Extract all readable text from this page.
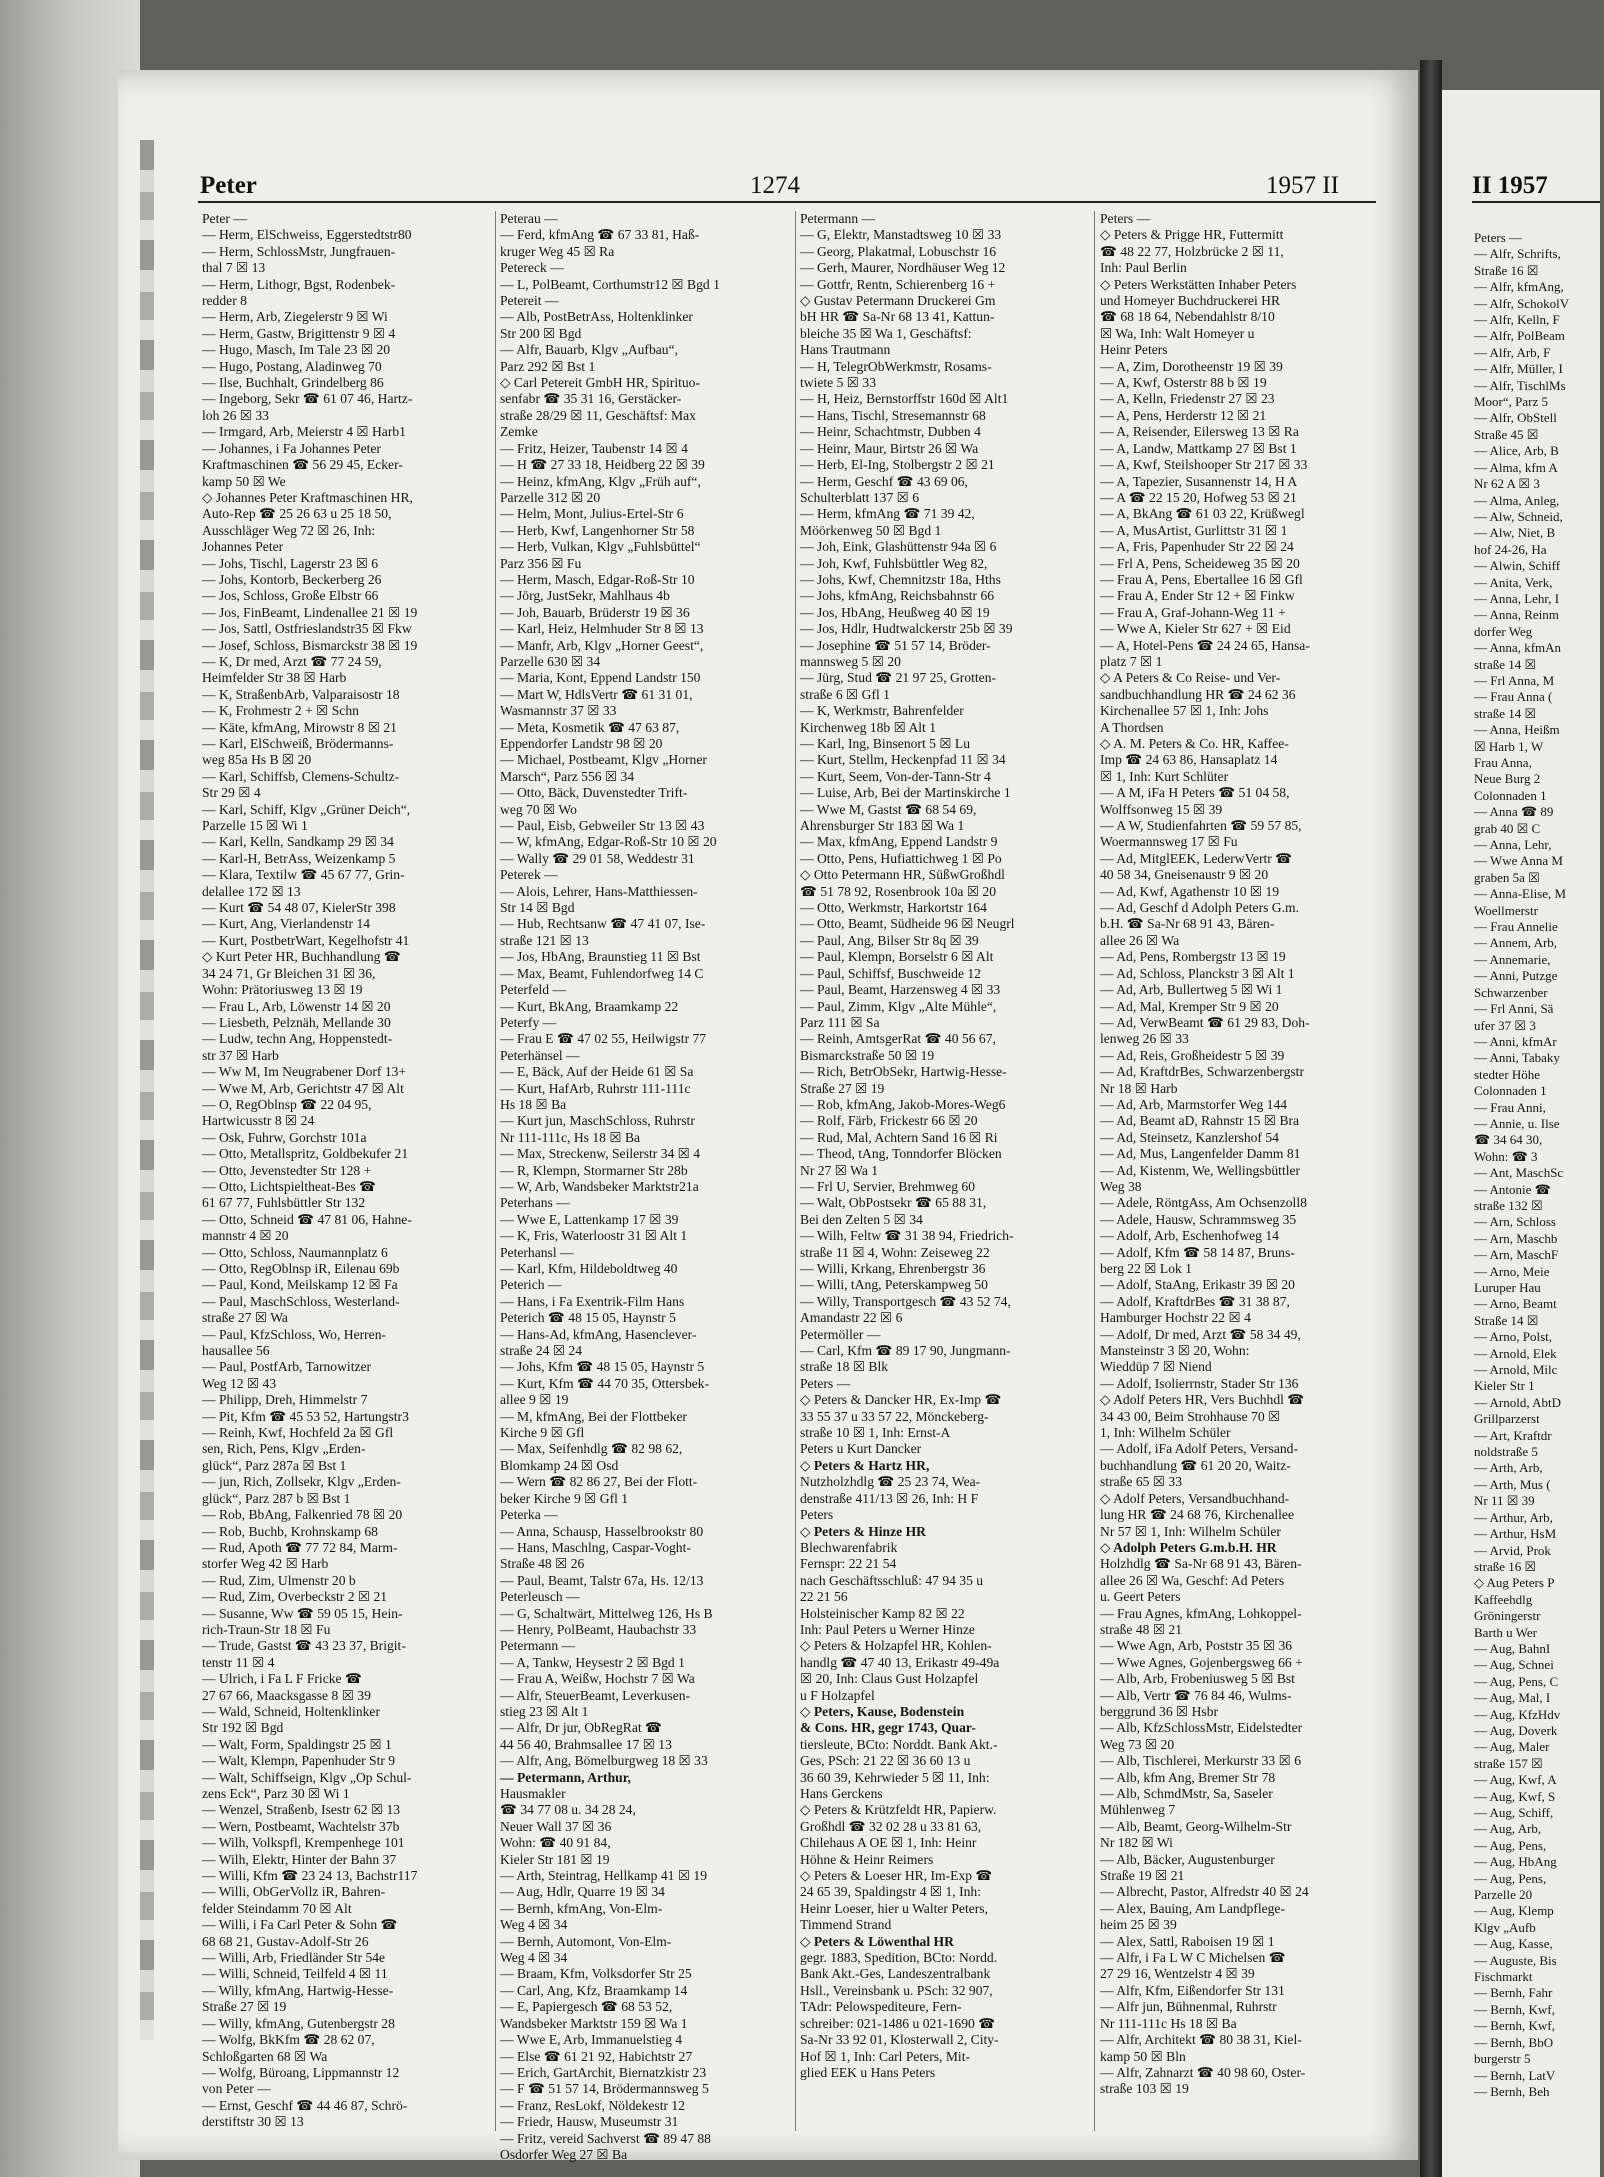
Peter	1274	1957 II
Peter —
— Herm, ElSchweiss, Eggerstedtstr80
— Herm, SchlossMstr, Jungfrauen-
thal 7 ☒ 13
— Herm, Lithogr, Bgst, Rodenbek-
redder 8
— Herm, Arb, Ziegelerstr 9 ☒ Wi
— Herm, Gastw, Brigittenstr 9 ☒ 4
— Hugo, Masch, Im Tale 23 ☒ 20
— Hugo, Postang, Aladinweg 70
— Ilse, Buchhalt, Grindelberg 86
— Ingeborg, Sekr ☎ 61 07 46, Hartz-
loh 26 ☒ 33
— Irmgard, Arb, Meierstr 4 ☒ Harb1
— Johannes, i Fa Johannes Peter
Kraftmaschinen ☎ 56 29 45, Ecker-
kamp 50 ☒ We
◇ Johannes Peter Kraftmaschinen HR,
Auto-Rep ☎ 25 26 63 u 25 18 50,
Ausschläger Weg 72 ☒ 26, Inh:
Johannes Peter
— Johs, Tischl, Lagerstr 23 ☒ 6
— Johs, Kontorb, Beckerberg 26
— Jos, Schloss, Große Elbstr 66
— Jos, FinBeamt, Lindenallee 21 ☒ 19
— Jos, Sattl, Ostfrieslandstr35 ☒ Fkw
— Josef, Schloss, Bismarckstr 38 ☒ 19
— K, Dr med, Arzt ☎ 77 24 59,
Heimfelder Str 38 ☒ Harb
— K, StraßenbArb, Valparaisostr 18
— K, Frohmestr 2 + ☒ Schn
— Käte, kfmAng, Mirowstr 8 ☒ 21
— Karl, ElSchweiß, Brödermanns-
weg 85a Hs B ☒ 20
— Karl, Schiffsb, Clemens-Schultz-
Str 29 ☒ 4
— Karl, Schiff, Klgv „Grüner Deich“,
Parzelle 15 ☒ Wi 1
— Karl, Kelln, Sandkamp 29 ☒ 34
— Karl-H, BetrAss, Weizenkamp 5
— Klara, Textilw ☎ 45 67 77, Grin-
delallee 172 ☒ 13
— Kurt ☎ 54 48 07, KielerStr 398
— Kurt, Ang, Vierlandenstr 14
— Kurt, PostbetrWart, Kegelhofstr 41
◇ Kurt Peter HR, Buchhandlung ☎
34 24 71, Gr Bleichen 31 ☒ 36,
Wohn: Prätoriusweg 13 ☒ 19
— Frau L, Arb, Löwenstr 14 ☒ 20
— Liesbeth, Pelznäh, Mellande 30
— Ludw, techn Ang, Hoppenstedt-
str 37 ☒ Harb
— Ww M, Im Neugrabener Dorf 13+
— Wwe M, Arb, Gerichtstr 47 ☒ Alt
— O, RegOblnsp ☎ 22 04 95,
Hartwicusstr 8 ☒ 24
— Osk, Fuhrw, Gorchstr 101a
— Otto, Metallspritz, Goldbekufer 21
— Otto, Jevenstedter Str 128 +
— Otto, Lichtspieltheat-Bes ☎
61 67 77, Fuhlsbüttler Str 132
— Otto, Schneid ☎ 47 81 06, Hahne-
mannstr 4 ☒ 20
— Otto, Schloss, Naumannplatz 6
— Otto, RegOblnsp iR, Eilenau 69b
— Paul, Kond, Meilskamp 12 ☒ Fa
— Paul, MaschSchloss, Westerland-
straße 27 ☒ Wa
— Paul, KfzSchloss, Wo, Herren-
hausallee 56
— Paul, PostfArb, Tarnowitzer
Weg 12 ☒ 43
— Philipp, Dreh, Himmelstr 7
— Pit, Kfm ☎ 45 53 52, Hartungstr3
— Reinh, Kwf, Hochfeld 2a ☒ Gfl
sen, Rich, Pens, Klgv „Erden-
glück“, Parz 287a ☒ Bst 1
— jun, Rich, Zollsekr, Klgv „Erden-
glück“, Parz 287 b ☒ Bst 1
— Rob, BbAng, Falkenried 78 ☒ 20
— Rob, Buchb, Krohnskamp 68
— Rud, Apoth ☎ 77 72 84, Marm-
storfer Weg 42 ☒ Harb
— Rud, Zim, Ulmenstr 20 b
— Rud, Zim, Overbeckstr 2 ☒ 21
— Susanne, Ww ☎ 59 05 15, Hein-
rich-Traun-Str 18 ☒ Fu
— Trude, Gastst ☎ 43 23 37, Brigit-
tenstr 11 ☒ 4
— Ulrich, i Fa L F Fricke ☎
27 67 66, Maacksgasse 8 ☒ 39
— Wald, Schneid, Holtenklinker
Str 192 ☒ Bgd
— Walt, Form, Spaldingstr 25 ☒ 1
— Walt, Klempn, Papenhuder Str 9
— Walt, Schiffseign, Klgv „Op Schul-
zens Eck“, Parz 30 ☒ Wi 1
— Wenzel, Straßenb, Isestr 62 ☒ 13
— Wern, Postbeamt, Wachtelstr 37b
— Wilh, Volkspfl, Krempenhege 101
— Wilh, Elektr, Hinter der Bahn 37
— Willi, Kfm ☎ 23 24 13, Bachstr117
— Willi, ObGerVollz iR, Bahren-
felder Steindamm 70 ☒ Alt
— Willi, i Fa Carl Peter & Sohn ☎
68 68 21, Gustav-Adolf-Str 26
— Willi, Arb, Friedländer Str 54e
— Willi, Schneid, Teilfeld 4 ☒ 11
— Willy, kfmAng, Hartwig-Hesse-
Straße 27 ☒ 19
— Willy, kfmAng, Gutenbergstr 28
— Wolfg, BkKfm ☎ 28 62 07,
Schloßgarten 68 ☒ Wa
— Wolfg, Büroang, Lippmannstr 12
von Peter —
— Ernst, Geschf ☎ 44 46 87, Schrö-
derstiftstr 30 ☒ 13
Peterau —
— Ferd, kfmAng ☎ 67 33 81, Haß-
kruger Weg 45 ☒ Ra
Petereck —
— L, PolBeamt, Corthumstr12 ☒ Bgd 1
Petereit —
— Alb, PostBetrAss, Holtenklinker
Str 200 ☒ Bgd
— Alfr, Bauarb, Klgv „Aufbau“,
Parz 292 ☒ Bst 1
◇ Carl Petereit GmbH HR, Spirituo-
senfabr ☎ 35 31 16, Gerstäcker-
straße 28/29 ☒ 11, Geschäftsf: Max
Zemke
— Fritz, Heizer, Taubenstr 14 ☒ 4
— H ☎ 27 33 18, Heidberg 22 ☒ 39
— Heinz, kfmAng, Klgv „Früh auf“,
Parzelle 312 ☒ 20
— Helm, Mont, Julius-Ertel-Str 6
— Herb, Kwf, Langenhorner Str 58
— Herb, Vulkan, Klgv „Fuhlsbüttel“
Parz 356 ☒ Fu
— Herm, Masch, Edgar-Roß-Str 10
— Jörg, JustSekr, Mahlhaus 4b
— Joh, Bauarb, Brüderstr 19 ☒ 36
— Karl, Heiz, Helmhuder Str 8 ☒ 13
— Manfr, Arb, Klgv „Horner Geest“,
Parzelle 630 ☒ 34
— Maria, Kont, Eppend Landstr 150
— Mart W, HdlsVertr ☎ 61 31 01,
Wasmannstr 37 ☒ 33
— Meta, Kosmetik ☎ 47 63 87,
Eppendorfer Landstr 98 ☒ 20
— Michael, Postbeamt, Klgv „Horner
Marsch“, Parz 556 ☒ 34
— Otto, Bäck, Duvenstedter Trift-
weg 70 ☒ Wo
— Paul, Eisb, Gebweiler Str 13 ☒ 43
— W, kfmAng, Edgar-Roß-Str 10 ☒ 20
— Wally ☎ 29 01 58, Weddestr 31
Peterek —
— Alois, Lehrer, Hans-Matthiessen-
Str 14 ☒ Bgd
— Hub, Rechtsanw ☎ 47 41 07, Ise-
straße 121 ☒ 13
— Jos, HbAng, Braunstieg 11 ☒ Bst
— Max, Beamt, Fuhlendorfweg 14 C
Peterfeld —
— Kurt, BkAng, Braamkamp 22
Peterfy —
— Frau E ☎ 47 02 55, Heilwigstr 77
Peterhänsel —
— E, Bäck, Auf der Heide 61 ☒ Sa
— Kurt, HafArb, Ruhrstr 111-111c
Hs 18 ☒ Ba
— Kurt jun, MaschSchloss, Ruhrstr
Nr 111-111c, Hs 18 ☒ Ba
— Max, Streckenw, Seilerstr 34 ☒ 4
— R, Klempn, Stormarner Str 28b
— W, Arb, Wandsbeker Marktstr21a
Peterhans —
— Wwe E, Lattenkamp 17 ☒ 39
— K, Fris, Waterloostr 31 ☒ Alt 1
Peterhansl —
— Karl, Kfm, Hildeboldtweg 40
Peterich —
— Hans, i Fa Exentrik-Film Hans
Peterich ☎ 48 15 05, Haynstr 5
— Hans-Ad, kfmAng, Hasenclever-
straße 24 ☒ 24
— Johs, Kfm ☎ 48 15 05, Haynstr 5
— Kurt, Kfm ☎ 44 70 35, Ottersbek-
allee 9 ☒ 19
— M, kfmAng, Bei der Flottbeker
Kirche 9 ☒ Gfl
— Max, Seifenhdlg ☎ 82 98 62,
Blomkamp 24 ☒ Osd
— Wern ☎ 82 86 27, Bei der Flott-
beker Kirche 9 ☒ Gfl 1
Peterka —
— Anna, Schausp, Hasselbrookstr 80
— Hans, Maschlng, Caspar-Voght-
Straße 48 ☒ 26
— Paul, Beamt, Talstr 67a, Hs. 12/13
Peterleusch —
— G, Schaltwärt, Mittelweg 126, Hs B
— Henry, PolBeamt, Haubachstr 33
Petermann —
— A, Tankw, Heysestr 2 ☒ Bgd 1
— Frau A, Weißw, Hochstr 7 ☒ Wa
— Alfr, SteuerBeamt, Leverkusen-
stieg 23 ☒ Alt 1
— Alfr, Dr jur, ObRegRat ☎
44 56 40, Brahmsallee 17 ☒ 13
— Alfr, Ang, Bömelburgweg 18 ☒ 33
— Petermann, Arthur,
Hausmakler
☎ 34 77 08 u. 34 28 24,
Neuer Wall 37 ☒ 36
Wohn: ☎ 40 91 84,
Kieler Str 181 ☒ 19
— Arth, Steintrag, Hellkamp 41 ☒ 19
— Aug, Hdlr, Quarre 19 ☒ 34
— Bernh, kfmAng, Von-Elm-
Weg 4 ☒ 34
— Bernh, Automont, Von-Elm-
Weg 4 ☒ 34
— Braam, Kfm, Volksdorfer Str 25
— Carl, Ang, Kfz, Braamkamp 14
— E, Papiergesch ☎ 68 53 52,
Wandsbeker Marktstr 159 ☒ Wa 1
— Wwe E, Arb, Immanuelstieg 4
— Else ☎ 61 21 92, Habichtstr 27
— Erich, GartArchit, Biernatzkistr 23
— F ☎ 51 57 14, Brödermannsweg 5
— Franz, ResLokf, Nöldekestr 12
— Friedr, Hausw, Museumstr 31
— Fritz, vereid Sachverst ☎ 89 47 88
Osdorfer Weg 27 ☒ Ba
Petermann —
— G, Elektr, Manstadtsweg 10 ☒ 33
— Georg, Plakatmal, Lobuschstr 16
— Gerh, Maurer, Nordhäuser Weg 12
— Gottfr, Rentn, Schierenberg 16 +
◇ Gustav Petermann Druckerei Gm
bH HR ☎ Sa-Nr 68 13 41, Kattun-
bleiche 35 ☒ Wa 1, Geschäftsf:
Hans Trautmann
— H, TelegrObWerkmstr, Rosams-
twiete 5 ☒ 33
— H, Heiz, Bernstorffstr 160d ☒ Alt1
— Hans, Tischl, Stresemannstr 68
— Heinr, Schachtmstr, Dubben 4
— Heinr, Maur, Birtstr 26 ☒ Wa
— Herb, El-Ing, Stolbergstr 2 ☒ 21
— Herm, Geschf ☎ 43 69 06,
Schulterblatt 137 ☒ 6
— Herm, kfmAng ☎ 71 39 42,
Möörkenweg 50 ☒ Bgd 1
— Joh, Eink, Glashüttenstr 94a ☒ 6
— Joh, Kwf, Fuhlsbüttler Weg 82,
— Johs, Kwf, Chemnitzstr 18a, Hths
— Johs, kfmAng, Reichsbahnstr 66
— Jos, HbAng, Heußweg 40 ☒ 19
— Jos, Hdlr, Hudtwalckerstr 25b ☒ 39
— Josephine ☎ 51 57 14, Bröder-
mannsweg 5 ☒ 20
— Jürg, Stud ☎ 21 97 25, Grotten-
straße 6 ☒ Gfl 1
— K, Werkmstr, Bahrenfelder
Kirchenweg 18b ☒ Alt 1
— Karl, Ing, Binsenort 5 ☒ Lu
— Kurt, Stellm, Heckenpfad 11 ☒ 34
— Kurt, Seem, Von-der-Tann-Str 4
— Luise, Arb, Bei der Martinskirche 1
— Wwe M, Gastst ☎ 68 54 69,
Ahrensburger Str 183 ☒ Wa 1
— Max, kfmAng, Eppend Landstr 9
— Otto, Pens, Hufiattichweg 1 ☒ Po
◇ Otto Petermann HR, SüßwGroßhdl
☎ 51 78 92, Rosenbrook 10a ☒ 20
— Otto, Werkmstr, Harkortstr 164
— Otto, Beamt, Südheide 96 ☒ Neugrl
— Paul, Ang, Bilser Str 8q ☒ 39
— Paul, Klempn, Borselstr 6 ☒ Alt
— Paul, Schiffsf, Buschweide 12
— Paul, Beamt, Harzensweg 4 ☒ 33
— Paul, Zimm, Klgv „Alte Mühle“,
Parz 111 ☒ Sa
— Reinh, AmtsgerRat ☎ 40 56 67,
Bismarckstraße 50 ☒ 19
— Rich, BetrObSekr, Hartwig-Hesse-
Straße 27 ☒ 19
— Rob, kfmAng, Jakob-Mores-Weg6
— Rolf, Färb, Frickestr 66 ☒ 20
— Rud, Mal, Achtern Sand 16 ☒ Ri
— Theod, tAng, Tonndorfer Blöcken
Nr 27 ☒ Wa 1
— Frl U, Servier, Brehmweg 60
— Walt, ObPostsekr ☎ 65 88 31,
Bei den Zelten 5 ☒ 34
— Wilh, Feltw ☎ 31 38 94, Friedrich-
straße 11 ☒ 4, Wohn: Zeiseweg 22
— Willi, Krkang, Ehrenbergstr 36
— Willi, tAng, Peterskampweg 50
— Willy, Transportgesch ☎ 43 52 74,
Amandastr 22 ☒ 6
Petermöller —
— Carl, Kfm ☎ 89 17 90, Jungmann-
straße 18 ☒ Blk
Peters —
◇ Peters & Dancker HR, Ex-Imp ☎
33 55 37 u 33 57 22, Mönckeberg-
straße 10 ☒ 1, Inh: Ernst-A
Peters u Kurt Dancker
◇ Peters & Hartz HR,
Nutzholzhdlg ☎ 25 23 74, Wea-
denstraße 411/13 ☒ 26, Inh: H F
Peters
◇ Peters & Hinze HR
Blechwarenfabrik
Fernspr: 22 21 54
nach Geschäftsschluß: 47 94 35 u
22 21 56
Holsteinischer Kamp 82 ☒ 22
Inh: Paul Peters u Werner Hinze
◇ Peters & Holzapfel HR, Kohlen-
handlg ☎ 47 40 13, Erikastr 49-49a
☒ 20, Inh: Claus Gust Holzapfel
u F Holzapfel
◇ Peters, Kause, Bodenstein
& Cons. HR, gegr 1743, Quar-
tiersleute, BCto: Norddt. Bank Akt.-
Ges, PSch: 21 22 ☒ 36 60 13 u
36 60 39, Kehrwieder 5 ☒ 11, Inh:
Hans Gerckens
◇ Peters & Krützfeldt HR, Papierw.
Großhdl ☎ 32 02 28 u 33 81 63,
Chilehaus A OE ☒ 1, Inh: Heinr
Höhne & Heinr Reimers
◇ Peters & Loeser HR, Im-Exp ☎
24 65 39, Spaldingstr 4 ☒ 1, Inh:
Heinr Loeser, hier u Walter Peters,
Timmend Strand
◇ Peters & Löwenthal HR
gegr. 1883, Spedition, BCto: Nordd.
Bank Akt.-Ges, Landeszentralbank
Hsll., Vereinsbank u. PSch: 32 907,
TAdr: Pelowspediteure, Fern-
schreiber: 021-1486 u 021-1690 ☎
Sa-Nr 33 92 01, Klosterwall 2, City-
Hof ☒ 1, Inh: Carl Peters, Mit-
glied EEK u Hans Peters
Peters —
◇ Peters & Prigge HR, Futtermitt
☎ 48 22 77, Holzbrücke 2 ☒ 11,
Inh: Paul Berlin
◇ Peters Werkstätten Inhaber Peters
und Homeyer Buchdruckerei HR
☎ 68 18 64, Nebendahlstr 8/10
☒ Wa, Inh: Walt Homeyer u
Heinr Peters
— A, Zim, Dorotheenstr 19 ☒ 39
— A, Kwf, Osterstr 88 b ☒ 19
— A, Kelln, Friedenstr 27 ☒ 23
— A, Pens, Herderstr 12 ☒ 21
— A, Reisender, Eilersweg 13 ☒ Ra
— A, Landw, Mattkamp 27 ☒ Bst 1
— A, Kwf, Steilshooper Str 217 ☒ 33
— A, Tapezier, Susannenstr 14, H A
— A ☎ 22 15 20, Hofweg 53 ☒ 21
— A, BkAng ☎ 61 03 22, Krüßwegl
— A, MusArtist, Gurlittstr 31 ☒ 1
— A, Fris, Papenhuder Str 22 ☒ 24
— Frl A, Pens, Scheideweg 35 ☒ 20
— Frau A, Pens, Ebertallee 16 ☒ Gfl
— Frau A, Ender Str 12 + ☒ Finkw
— Frau A, Graf-Johann-Weg 11 +
— Wwe A, Kieler Str 627 + ☒ Eid
— A, Hotel-Pens ☎ 24 24 65, Hansa-
platz 7 ☒ 1
◇ A Peters & Co Reise- und Ver-
sandbuchhandlung HR ☎ 24 62 36
Kirchenallee 57 ☒ 1, Inh: Johs
A Thordsen
◇ A. M. Peters & Co. HR, Kaffee-
Imp ☎ 24 63 86, Hansaplatz 14
☒ 1, Inh: Kurt Schlüter
— A M, iFa H Peters ☎ 51 04 58,
Wolffsonweg 15 ☒ 39
— A W, Studienfahrten ☎ 59 57 85,
Woermannsweg 17 ☒ Fu
— Ad, MitglEEK, LederwVertr ☎
40 58 34, Gneisenaustr 9 ☒ 20
— Ad, Kwf, Agathenstr 10 ☒ 19
— Ad, Geschf d Adolph Peters G.m.
b.H. ☎ Sa-Nr 68 91 43, Bären-
allee 26 ☒ Wa
— Ad, Pens, Rombergstr 13 ☒ 19
— Ad, Schloss, Planckstr 3 ☒ Alt 1
— Ad, Arb, Bullertweg 5 ☒ Wi 1
— Ad, Mal, Kremper Str 9 ☒ 20
— Ad, VerwBeamt ☎ 61 29 83, Doh-
lenweg 26 ☒ 33
— Ad, Reis, Großheidestr 5 ☒ 39
— Ad, KraftdrBes, Schwarzenbergstr
Nr 18 ☒ Harb
— Ad, Arb, Marmstorfer Weg 144
— Ad, Beamt aD, Rahnstr 15 ☒ Bra
— Ad, Steinsetz, Kanzlershof 54
— Ad, Mus, Langenfelder Damm 81
— Ad, Kistenm, We, Wellingsbüttler
Weg 38
— Adele, RöntgAss, Am Ochsenzoll8
— Adele, Hausw, Schrammsweg 35
— Adolf, Arb, Eschenhofweg 14
— Adolf, Kfm ☎ 58 14 87, Bruns-
berg 22 ☒ Lok 1
— Adolf, StaAng, Erikastr 39 ☒ 20
— Adolf, KraftdrBes ☎ 31 38 87,
Hamburger Hochstr 22 ☒ 4
— Adolf, Dr med, Arzt ☎ 58 34 49,
Mansteinstr 3 ☒ 20, Wohn:
Wieddüp 7 ☒ Niend
— Adolf, Isolierrnstr, Stader Str 136
◇ Adolf Peters HR, Vers Buchhdl ☎
34 43 00, Beim Strohhause 70 ☒
1, Inh: Wilhelm Schüler
— Adolf, iFa Adolf Peters, Versand-
buchhandlung ☎ 61 20 20, Waitz-
straße 65 ☒ 33
◇ Adolf Peters, Versandbuchhand-
lung HR ☎ 24 68 76, Kirchenallee
Nr 57 ☒ 1, Inh: Wilhelm Schüler
◇ Adolph Peters G.m.b.H. HR
Holzhdlg ☎ Sa-Nr 68 91 43, Bären-
allee 26 ☒ Wa, Geschf: Ad Peters
u. Geert Peters
— Frau Agnes, kfmAng, Lohkoppel-
straße 48 ☒ 21
— Wwe Agn, Arb, Poststr 35 ☒ 36
— Wwe Agnes, Gojenbergsweg 66 +
— Alb, Arb, Frobeniusweg 5 ☒ Bst
— Alb, Vertr ☎ 76 84 46, Wulms-
berggrund 36 ☒ Hsbr
— Alb, KfzSchlossMstr, Eidelstedter
Weg 73 ☒ 20
— Alb, Tischlerei, Merkurstr 33 ☒ 6
— Alb, kfm Ang, Bremer Str 78
— Alb, SchmdMstr, Sa, Saseler
Mühlenweg 7
— Alb, Beamt, Georg-Wilhelm-Str
Nr 182 ☒ Wi
— Alb, Bäcker, Augustenburger
Straße 19 ☒ 21
— Albrecht, Pastor, Alfredstr 40 ☒ 24
— Alex, Bauing, Am Landpflege-
heim 25 ☒ 39
— Alex, Sattl, Raboisen 19 ☒ 1
— Alfr, i Fa L W C Michelsen ☎
27 29 16, Wentzelstr 4 ☒ 39
— Alfr, Kfm, Eißendorfer Str 131
— Alfr jun, Bühnenmal, Ruhrstr
Nr 111-111c Hs 18 ☒ Ba
— Alfr, Architekt ☎ 80 38 31, Kiel-
kamp 50 ☒ Bln
— Alfr, Zahnarzt ☎ 40 98 60, Oster-
straße 103 ☒ 19
II 1957
Peters —
— Alfr, Schrifts,
Straße 16 ☒
— Alfr, kfmAng,
— Alfr, SchokolV
— Alfr, Kelln, F
— Alfr, PolBeam
— Alfr, Arb, F
— Alfr, Müller, I
— Alfr, TischlMs
Moor“, Parz 5
— Alfr, ObStell
Straße 45 ☒
— Alice, Arb, B
— Alma, kfm A
Nr 62 A ☒ 3
— Alma, Anleg,
— Alw, Schneid,
— Alw, Niet, B
hof 24-26, Ha
— Alwin, Schiff
— Anita, Verk,
— Anna, Lehr, I
— Anna, Reinm
dorfer Weg
— Anna, kfmAn
straße 14 ☒
— Frl Anna, M
— Frau Anna (
straße 14 ☒
— Anna, Heißm
☒ Harb 1, W
Frau Anna,
Neue Burg 2
Colonnaden 1
— Anna ☎ 89
grab 40 ☒ C
— Anna, Lehr,
— Wwe Anna M
graben 5a ☒
— Anna-Elise, M
Woellmerstr
— Frau Annelie
— Annem, Arb,
— Annemarie,
— Anni, Putzge
Schwarzenber
— Frl Anni, Sä
ufer 37 ☒ 3
— Anni, kfmAr
— Anni, Tabaky
stedter Höhe
Colonnaden 1
— Frau Anni,
— Annie, u. Ilse
☎ 34 64 30,
Wohn: ☎ 3
— Ant, MaschSc
— Antonie ☎
straße 132 ☒
— Arn, Schloss
— Arn, Maschb
— Arn, MaschF
— Arno, Meie
Luruper Hau
— Arno, Beamt
Straße 14 ☒
— Arno, Polst,
— Arnold, Elek
— Arnold, Milc
Kieler Str 1
— Arnold, AbtD
Grillparzerst
— Art, Kraftdr
noldstraße 5
— Arth, Arb,
— Arth, Mus (
Nr 11 ☒ 39
— Arthur, Arb,
— Arthur, HsM
— Arvid, Prok
straße 16 ☒
◇ Aug Peters P
Kaffeehdlg
Gröningerstr
Barth u Wer
— Aug, BahnI
— Aug, Schnei
— Aug, Pens, C
— Aug, Mal, I
— Aug, KfzHdv
— Aug, Doverk
— Aug, Maler
straße 157 ☒
— Aug, Kwf, A
— Aug, Kwf, S
— Aug, Schiff,
— Aug, Arb,
— Aug, Pens,
— Aug, HbAng
— Aug, Pens,
Parzelle 20
— Aug, Klemp
Klgv „Aufb
— Aug, Kasse,
— Auguste, Bis
Fischmarkt
— Bernh, Fahr
— Bernh, Kwf,
— Bernh, Kwf,
— Bernh, BbO
burgerstr 5
— Bernh, LatV
— Bernh, Beh
